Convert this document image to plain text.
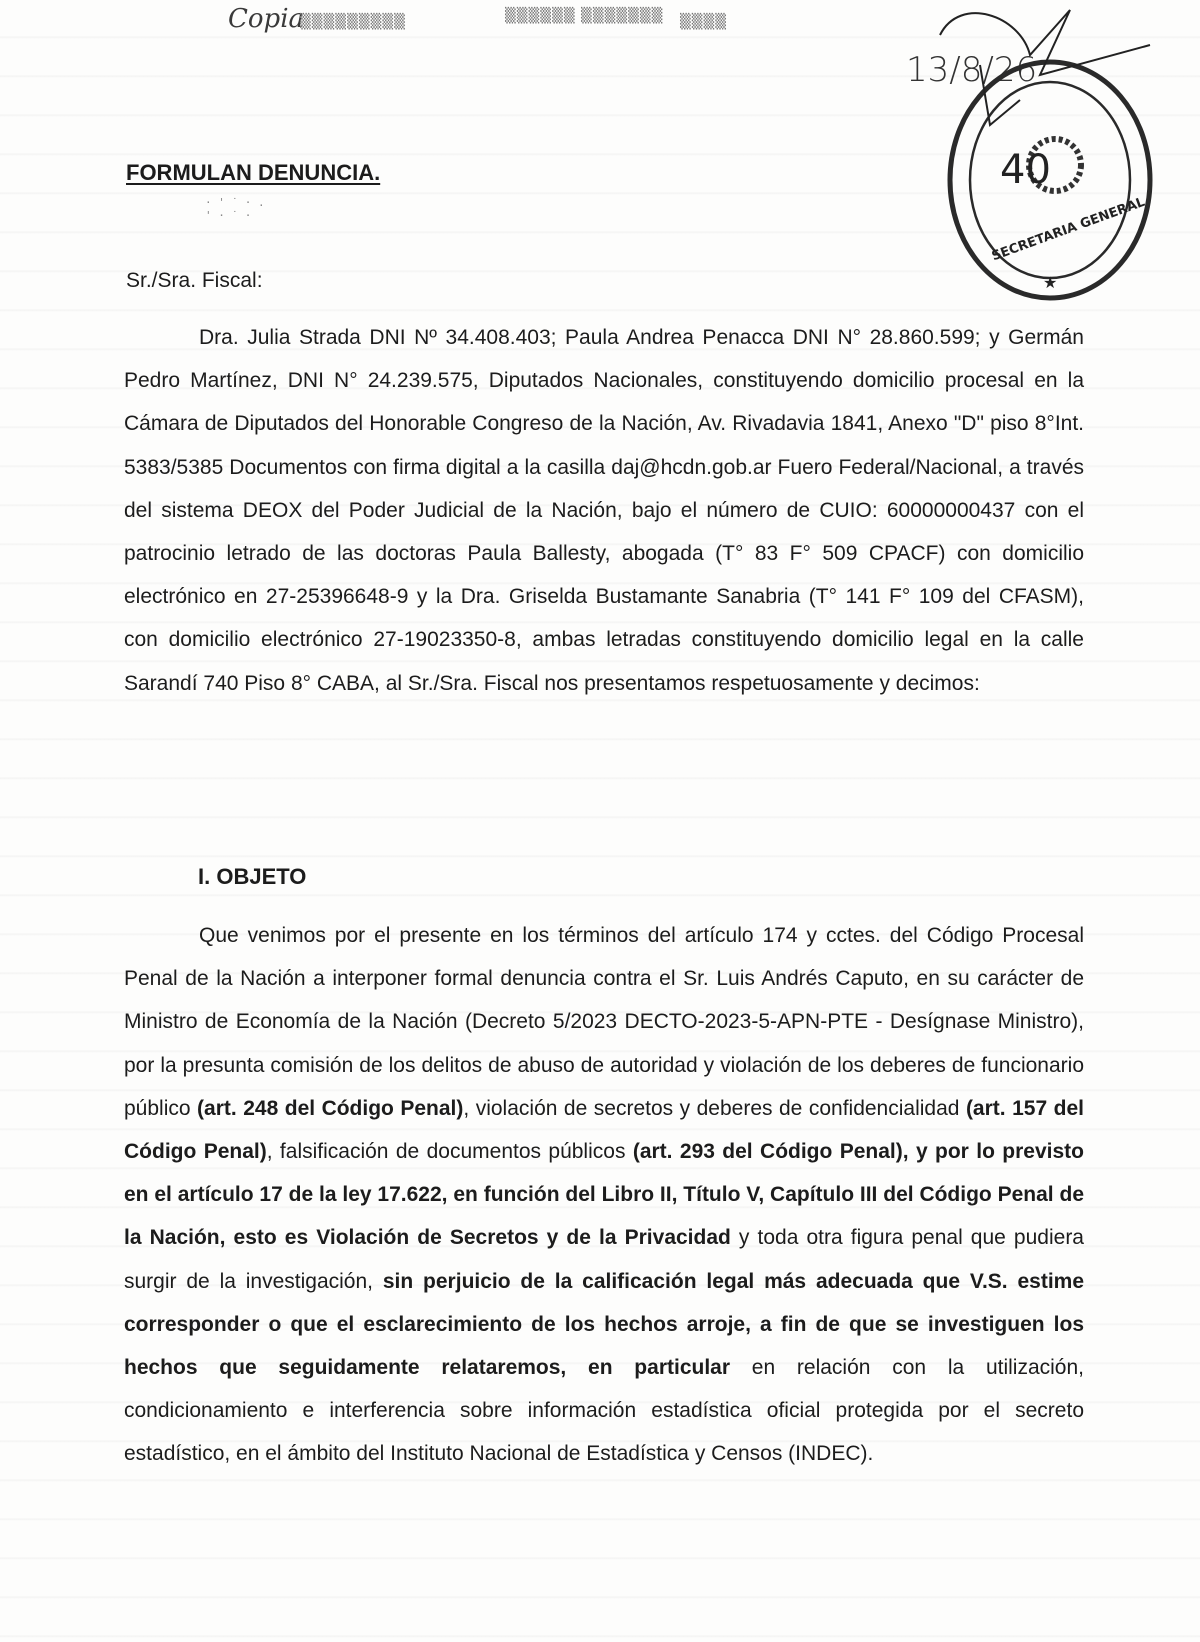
Copia
▒▒▒▒▒▒▒▒▒	▒▒▒▒▒▒ ▒▒▒▒▒▒▒ ▒▒▒▒
13/8/26
40
SECRETARIA GENERAL
★
FORMULAN DENUNCIA.
· ' ˙ · .
' · ˙ ·
Sr./Sra. Fiscal:
Dra. Julia Strada DNI Nº 34.408.403; Paula Andrea Penacca DNI N° 28.860.599; y Germán Pedro Martínez, DNI N° 24.239.575, Diputados Nacionales, constituyendo domicilio procesal en la Cámara de Diputados del Honorable Congreso de la Nación, Av. Rivadavia 1841, Anexo "D" piso 8°Int. 5383/5385 Documentos con firma digital a la casilla daj@hcdn.gob.ar Fuero Federal/Nacional, a través del sistema DEOX del Poder Judicial de la Nación, bajo el número de CUIO: 60000000437 con el patrocinio letrado de las doctoras Paula Ballesty, abogada (T° 83 F° 509 CPACF) con domicilio electrónico en 27-25396648-9 y la Dra. Griselda Bustamante Sanabria (T° 141 F° 109 del CFASM), con domicilio electrónico 27-19023350-8, ambas letradas constituyendo domicilio legal en la calle Sarandí 740 Piso 8° CABA, al Sr./Sra. Fiscal nos presentamos respetuosamente y decimos:
I. OBJETO
Que venimos por el presente en los términos del artículo 174 y cctes. del Código Procesal Penal de la Nación a interponer formal denuncia contra el Sr. Luis Andrés Caputo, en su carácter de Ministro de Economía de la Nación (Decreto 5/2023 DECTO-2023-5-APN-PTE - Desígnase Ministro), por la presunta comisión de los delitos de abuso de autoridad y violación de los deberes de funcionario público (art. 248 del Código Penal), violación de secretos y deberes de confidencialidad (art. 157 del Código Penal), falsificación de documentos públicos (art. 293 del Código Penal), y por lo previsto en el artículo 17 de la ley 17.622, en función del Libro II, Título V, Capítulo III del Código Penal de la Nación, esto es Violación de Secretos y de la Privacidad y toda otra figura penal que pudiera surgir de la investigación, sin perjuicio de la calificación legal más adecuada que V.S. estime corresponder o que el esclarecimiento de los hechos arroje, a fin de que se investiguen los hechos que seguidamente relataremos, en particular en relación con la utilización, condicionamiento e interferencia sobre información estadística oficial protegida por el secreto estadístico, en el ámbito del Instituto Nacional de Estadística y Censos (INDEC).
